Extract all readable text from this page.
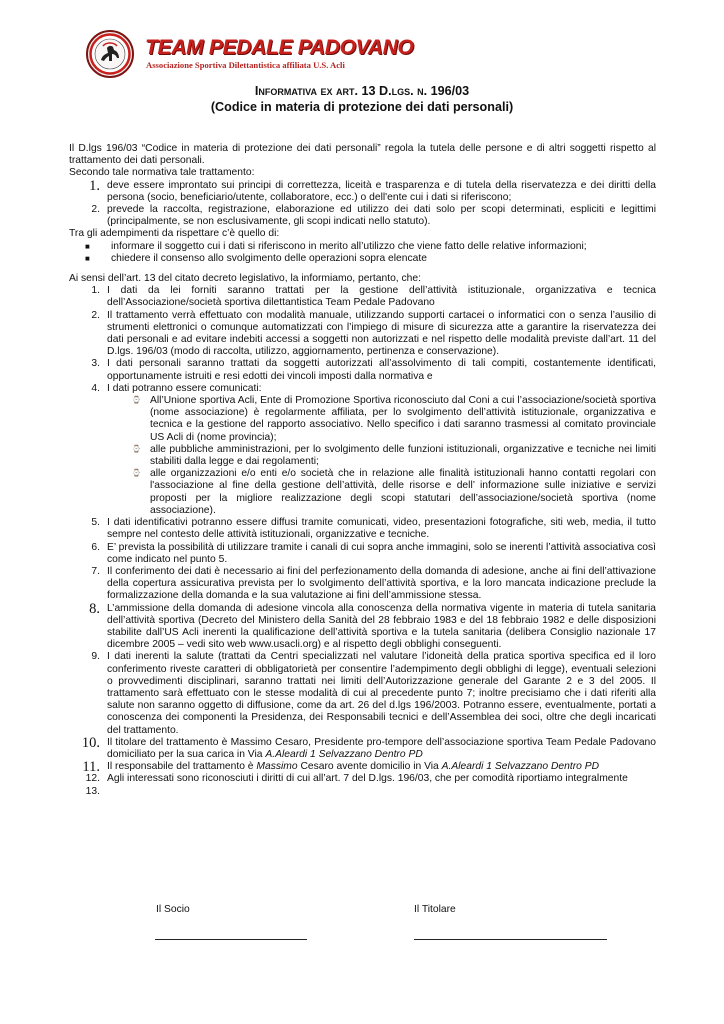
TEAM PEDALE PADOVANO

Associazione Sportiva Dilettantistica affiliata U.S. Acli

Informativa ex art. 13 D.lgs. n. 196/03

(Codice in materia di protezione dei dati personali)

Il D.lgs 196/03 “Codice in materia di protezione dei dati personali” regola la tutela delle persone e di altri soggetti rispetto al trattamento dei dati personali.

Secondo tale normativa tale trattamento:

1. deve essere improntato sui principi di correttezza, liceità e trasparenza e di tutela della riservatezza e dei diritti della persona (socio, beneficiario/utente, collaboratore, ecc.) o dell'ente cui i dati si riferiscono;
2. prevede la raccolta, registrazione, elaborazione ed utilizzo dei dati solo per scopi determinati, espliciti e legittimi (principalmente, se non esclusivamente, gli scopi indicati nello statuto).

Tra gli adempimenti da rispettare c’è quello di:

■	informare il soggetto cui i dati si riferiscono in merito all’utilizzo che viene fatto delle relative informazioni;
■	chiedere il consenso allo svolgimento delle operazioni sopra elencate

Ai sensi dell’art. 13 del citato decreto legislativo, la informiamo, pertanto, che:

1. I dati da lei forniti saranno trattati per la gestione dell’attività istituzionale, organizzativa e tecnica dell’Associazione/società sportiva dilettantistica Team Pedale Padovano
2. Il trattamento verrà effettuato con modalità manuale, utilizzando supporti cartacei o informatici con o senza l’ausilio di strumenti elettronici o comunque automatizzati con l’impiego di misure di sicurezza atte a garantire la riservatezza dei dati personali e ad evitare indebiti accessi a soggetti non autorizzati e nel rispetto delle modalità previste dall’art. 11 del D.lgs. 196/03 (modo di raccolta, utilizzo, aggiornamento, pertinenza e conservazione).
3. I dati personali saranno trattati da soggetti autorizzati all’assolvimento di tali compiti, costantemente identificati, opportunamente istruiti e resi edotti dei vincoli imposti dalla normativa e
4. I dati potranno essere comunicati:
⌚ All’Unione sportiva Acli, Ente di Promozione Sportiva riconosciuto dal Coni a cui l’associazione/società sportiva (nome associazione) è regolarmente affiliata, per lo svolgimento dell’attività istituzionale, organizzativa e tecnica e la gestione del rapporto associativo. Nello specifico i dati saranno trasmessi al comitato provinciale US Acli di (nome provincia);
⌚ alle pubbliche amministrazioni, per lo svolgimento delle funzioni istituzionali, organizzative e tecniche nei limiti stabiliti dalla legge e dai regolamenti;
⌚ alle organizzazioni e/o enti e/o società che in relazione alle finalità istituzionali hanno contatti regolari con l'associazione al fine della gestione dell’attività, delle risorse e dell’ informazione sulle iniziative e servizi proposti per la migliore realizzazione degli scopi statutari dell’associazione/società sportiva (nome associazione).
5. I dati identificativi potranno essere diffusi tramite comunicati, video, presentazioni fotografiche, siti web, media, il tutto sempre nel contesto delle attività istituzionali, organizzative e tecniche.
6. E’ prevista la possibilità di utilizzare tramite i canali di cui sopra anche immagini, solo se inerenti l’attività associativa così come indicato nel punto 5.
7. Il conferimento dei dati è necessario ai fini del perfezionamento della domanda di adesione, anche ai fini dell’attivazione della copertura assicurativa prevista per lo svolgimento dell’attività sportiva, e la loro mancata indicazione preclude la formalizzazione della domanda e la sua valutazione ai fini dell’ammissione stessa.
8. L’ammissione della domanda di adesione vincola alla conoscenza della normativa vigente in materia di tutela sanitaria dell’attività sportiva (Decreto del Ministero della Sanità del 28 febbraio 1983 e del 18 febbraio 1982 e delle disposizioni stabilite dall’US Acli inerenti la qualificazione dell’attività sportiva e la tutela sanitaria (delibera Consiglio nazionale 17 dicembre 2005 – vedi sito web www.usacli.org) e al rispetto degli obblighi conseguenti.
9. I dati inerenti la salute (trattati da Centri specializzati nel valutare l’idoneità della pratica sportiva specifica ed il loro conferimento riveste caratteri di obbligatorietà per consentire l’adempimento degli obblighi di legge), eventuali selezioni o provvedimenti disciplinari, saranno trattati nei limiti dell’Autorizzazione generale del Garante 2 e 3 del 2005. Il trattamento sarà effettuato con le stesse modalità di cui al precedente punto 7; inoltre precisiamo che i dati riferiti alla salute non saranno oggetto di diffusione, come da art. 26 del d.lgs 196/2003. Potranno essere, eventualmente, portati a conoscenza dei componenti la Presidenza, dei Responsabili tecnici e dell’Assemblea dei soci, oltre che degli incaricati del trattamento.
10. Il titolare del trattamento è Massimo Cesaro, Presidente pro-tempore dell’associazione sportiva Team Pedale Padovano domiciliato per la sua carica in Via A.Aleardi 1 Selvazzano Dentro PD
11. Il responsabile del trattamento è Massimo Cesaro avente domicilio in Via A.Aleardi 1 Selvazzano Dentro PD
12. Agli interessati sono riconosciuti i diritti di cui all’art. 7 del D.lgs. 196/03, che per comodità riportiamo integralmente
13.
Il Socio	Il Titolare
